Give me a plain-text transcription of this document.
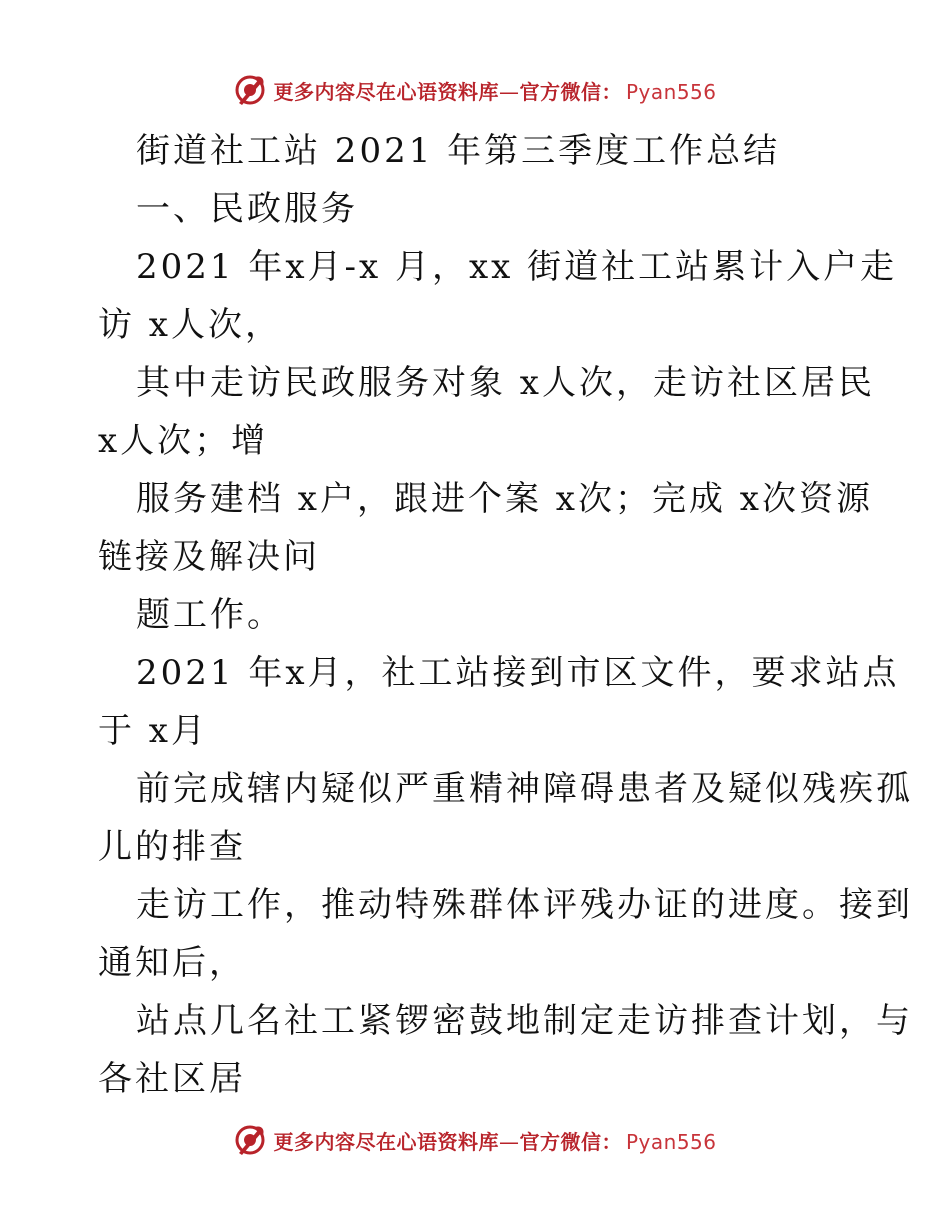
更多内容尽在心语资料库—官方微信： Pyan556
街道社工站 2021 年第三季度工作总结
一、民政服务
2021 年x月-x 月，xx 街道社工站累计入户走
访 x人次，
其中走访民政服务对象 x人次，走访社区居民
x人次；增
服务建档 x户，跟进个案 x次；完成 x次资源
链接及解决问
题工作。
2021 年x月，社工站接到市区文件，要求站点
于 x月
前完成辖内疑似严重精神障碍患者及疑似残疾孤
儿的排查
走访工作，推动特殊群体评残办证的进度。接到
通知后，
站点几名社工紧锣密鼓地制定走访排查计划，与
各社区居
更多内容尽在心语资料库—官方微信： Pyan556
